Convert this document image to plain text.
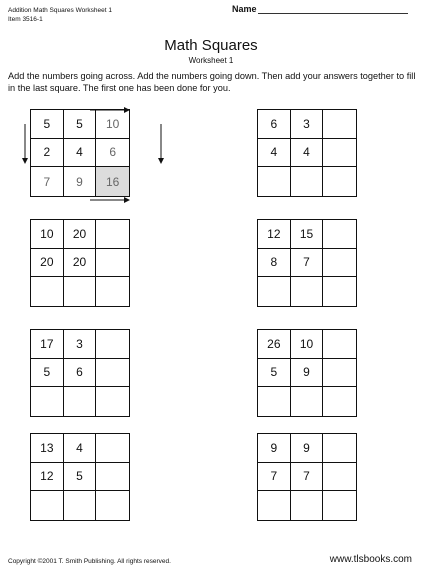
Addition Math Squares Worksheet 1
Item 3516-1
Name
Math Squares
Worksheet 1
Add the numbers going across. Add the numbers going down. Then add your answers together to fill in the last square. The first one has been done for you.
5	5	10
2	4	6
7	9	16
6	3
4	4
10	20
20	20
12	15
8	7
17	3
5	6
26	10
5	9
13	4
12	5
9	9
7	7
Copyright ©2001 T. Smith Publishing. All rights reserved.	www.tlsbooks.com
